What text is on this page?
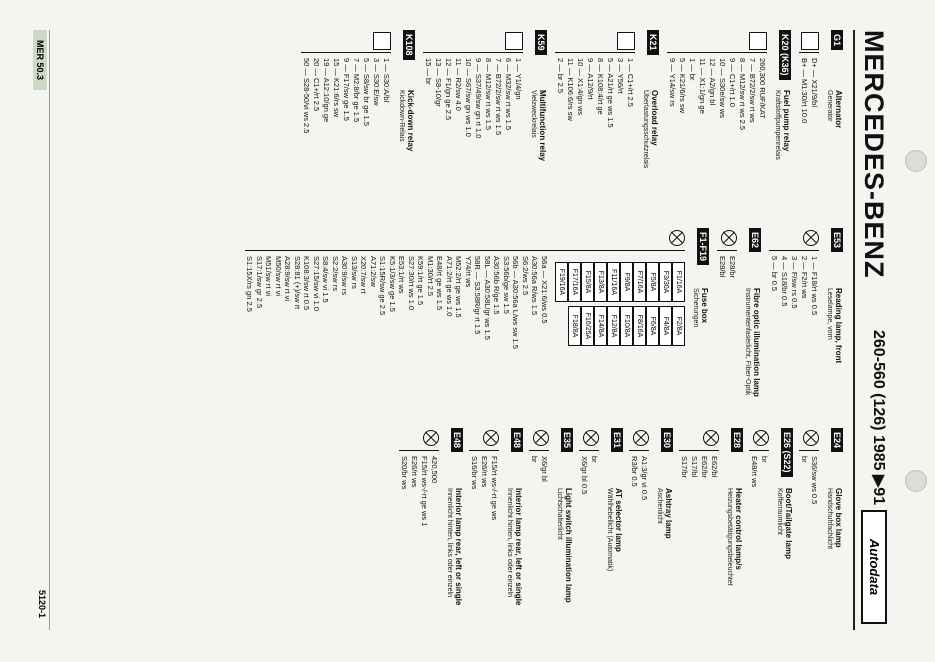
MERCEDES-BENZ
260-560 (126) 1985 ▶91
Autodata
G1
Alternator
Generator
D+ — X21/9/bl
B+ — M1:30/rt 10.0
K20 (K36)
Fuel pump relay
Kraftstoffpumpenrelais
260,300 RUF/KAT
7 — B72/2/sw rt ws
8 — M12/sw rt ws 2.5
9 — C1+/rt 1.0
10 — S30e/sw ws
12 — A2/gn bl
11 — X1:1/gn ge
1 — br
5 — K21/6/rs sw
9 — Y14/sw rs
K21
Overload relay
Überlastungsschutzrelais
1 — C1+/rt 2.5
3 — Y56/rt
5 — A21/rt ge ws 1.5
8 — K108:4/rt ge
9 — A12/9/rt
10 — X1:4/gn ws
11 — K106:6/rs sw
2 — br 2.5
K59
Multifunction relay
Vielzweckrelais
1 — Y1/4/gn
6 — M32/sw rt ws 1.5
7 — B72/2/sw rt ws 1.5
8 — M12/sw rt ws 1.5
9 — S37/49/sw gn rt 1.0
10 — S67/sw gn ws 1.0
11 — R2/sw 4.0
12 — F1/gn ge 2.5
13 — S8-10/gr
15 — br
K108
Kick-down relay
Kickdown-Relais
1 — S30:A/bl
3 — S30:E/sw
5 — S8/sw br ge 1.5
7 — M2:8/br ge 1.5
9 — F17/sw ge 1.5
15 — K21:6/rs sw
19 — A12:10/gn ge
20 — C1+/rt 2.5
50 — S28-50/vi ws 2.5
E53
Reading lamp, front
Leselampe, vorn
1 — F18/rt ws 0.5
2 — F2/rt ws
3 — F/sw rs 0.5
4 — S18/br 0.5
5 — br 0.5
E62
Fibre optic illumination lamp
Instrumentenfaserlicht, Fiber-Optik
E28/br
E28/bl
F1-F19
Fuse box
Sicherungen
F1/16A
F2/8A
F3/30A
F4/8A
F5/8A
F6/8A
F7/16A
F8/16A
F9/8A
F10/8A
F11/16A
F12/8A
F13/8A
F14/8A
F15/8A
F16/25A
F17/16A
F18/8A
F19/16A
56a — X21:6/ws 0.5
A30:56a R/ws 1.5
S6:2/ws 2.5
56b — A30:56a L/ws sw 1.5
S3:56b/ge sw 1.5
A30:56b R/ge 1.5
58L — A30:58L/gr ws 1.5
58R — S3:58R/gr rt 1.5
Y74/rt ws
M52:2/rt ge ws 1.5
A71:2/rt ge ws 1.0
E48/rt ge ws 1.5
M1:30/rt 2.5
K59:1/rt ge 1.5
S27:30/rt ws 1.0
E53:1/rt ws
K5:1/3/sw ge 1.5
S1:15R/sw ge 2.5
A71:2/sw
X20:7/sw rt
S13/sw rs
A30:9/sw rs
S2:2/sw rs
S8:4/sw vi 1.5
S27:15/sw vi 1.0
K108:3/sw rt 0.5
S28:81 (+)/sw rt
A28:9/sw rt vi
M50/sw rt vi
M51/sw rt vi
S17:1/sw gr 2.5
S1:15X/rs gn 2.5
E24
Glove box lamp
Handschuhfachlicht
S36/sw ws 0.5
br
E26 (S22)
Boot/Tailgate lamp
Kofferraumlicht
br
E48/rt ws
E28
Heater control lamp/s
Heizungsbetätigungsbeleuchtet
E62/bl
E62/br
S17/bl
S17/br
E30
Ashtray lamp
Aschenlicht
A1:3/gr vi 0.5
R3/br 0.5
E31
AT selector lamp
Wählhebellicht (Automatik)
br
X6/gr bl 0.5
E35
Light switch illumination lamp
Lichtschalterlicht
X6/gr bl
br
E48
Interior lamp rear, left or single
Innenlicht hinten, links oder einzeln
F15/rt ws-/-rt ge ws
E26/rt ws
S16/br ws
E48
Interior lamp rear, left or single
Innenlicht hinten, links oder einzeln
420,500
F15/rt ws-/-rt ge ws 1
E26/rt ws
S20/br ws
MER 50.3
5120-1
